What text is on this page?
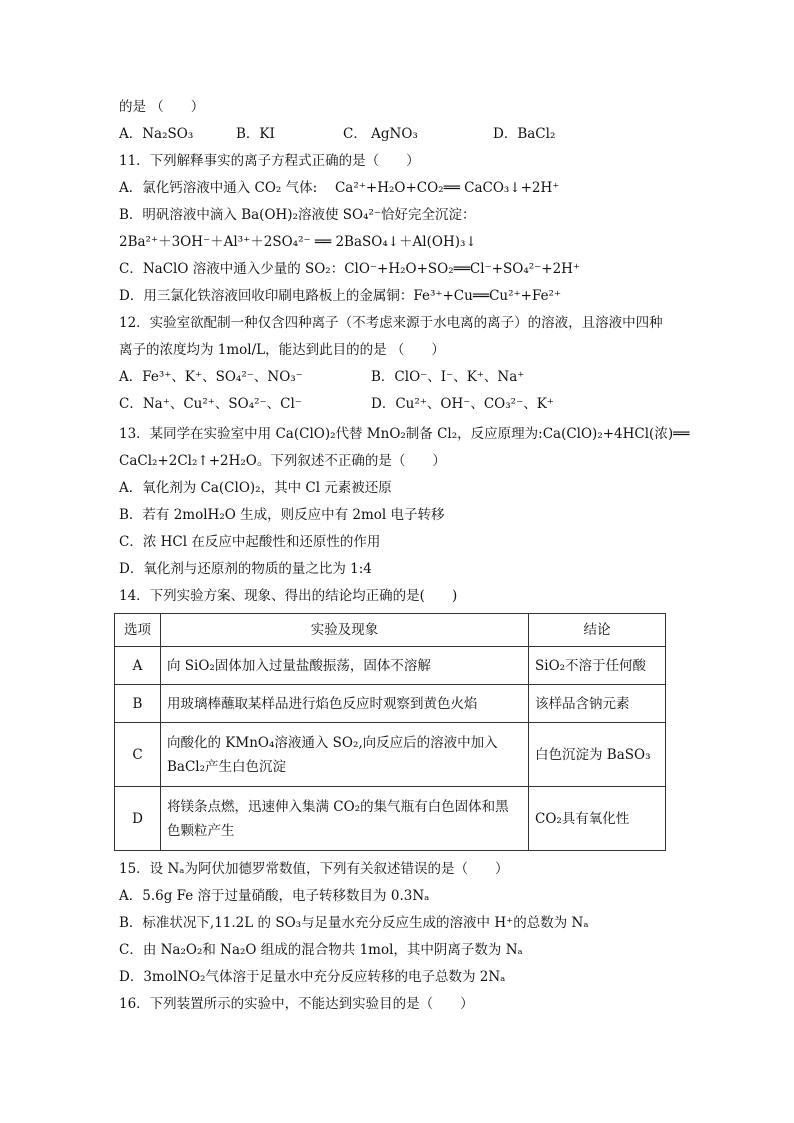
的是 （　　）
A．Na₂SO₃	B．KI	C． AgNO₃	D．BaCl₂
11．下列解释事实的离子方程式正确的是（　　）
A．氯化钙溶液中通入 CO₂ 气体:　 Ca²⁺+H₂O+CO₂══ CaCO₃↓+2H⁺
B．明矾溶液中滴入 Ba(OH)₂溶液使 SO₄²⁻恰好完全沉淀：
2Ba²⁺＋3OH⁻＋Al³⁺＋2SO₄²⁻ ══ 2BaSO₄↓＋Al(OH)₃↓
C．NaClO 溶液中通入少量的 SO₂：ClO⁻+H₂O+SO₂══Cl⁻+SO₄²⁻+2H⁺
D．用三氯化铁溶液回收印刷电路板上的金属铜：Fe³⁺+Cu══Cu²⁺+Fe²⁺
12．实验室欲配制一种仅含四种离子（不考虑来源于水电离的离子）的溶液，且溶液中四种
离子的浓度均为 1mol/L，能达到此目的的是 （　　）
A．Fe³⁺、K⁺、SO₄²⁻、NO₃⁻	B．ClO⁻、I⁻、K⁺、Na⁺
C．Na⁺、Cu²⁺、SO₄²⁻、Cl⁻	D．Cu²⁺、OH⁻、CO₃²⁻、K⁺
13．某同学在实验室中用 Ca(ClO)₂代替 MnO₂制备 Cl₂，反应原理为:Ca(ClO)₂+4HCl(浓)══
CaCl₂+2Cl₂↑+2H₂O。下列叙述不正确的是（　　）
A．氧化剂为 Ca(ClO)₂，其中 Cl 元素被还原
B．若有 2molH₂O 生成，则反应中有 2mol 电子转移
C．浓 HCl 在反应中起酸性和还原性的作用
D．氧化剂与还原剂的物质的量之比为 1:4
14．下列实验方案、现象、得出的结论均正确的是(　　)
选项	实验及现象	结论
A	向 SiO₂固体加入过量盐酸振荡，固体不溶解	SiO₂不溶于任何酸
B	用玻璃棒蘸取某样品进行焰色反应时观察到黄色火焰	该样品含钠元素
C	向酸化的 KMnO₄溶液通入 SO₂,向反应后的溶液中加入 BaCl₂产生白色沉淀	白色沉淀为 BaSO₃
D	将镁条点燃，迅速伸入集满 CO₂的集气瓶有白色固体和黑色颗粒产生	CO₂具有氧化性
15．设 Nₐ为阿伏加德罗常数值，下列有关叙述错误的是（　　）
A．5.6g Fe 溶于过量硝酸，电子转移数目为 0.3Nₐ
B．标准状况下,11.2L 的 SO₃与足量水充分反应生成的溶液中 H⁺的总数为 Nₐ
C．由 Na₂O₂和 Na₂O 组成的混合物共 1mol，其中阴离子数为 Nₐ
D．3molNO₂气体溶于足量水中充分反应转移的电子总数为 2Nₐ
16．下列装置所示的实验中，不能达到实验目的是（　　）
